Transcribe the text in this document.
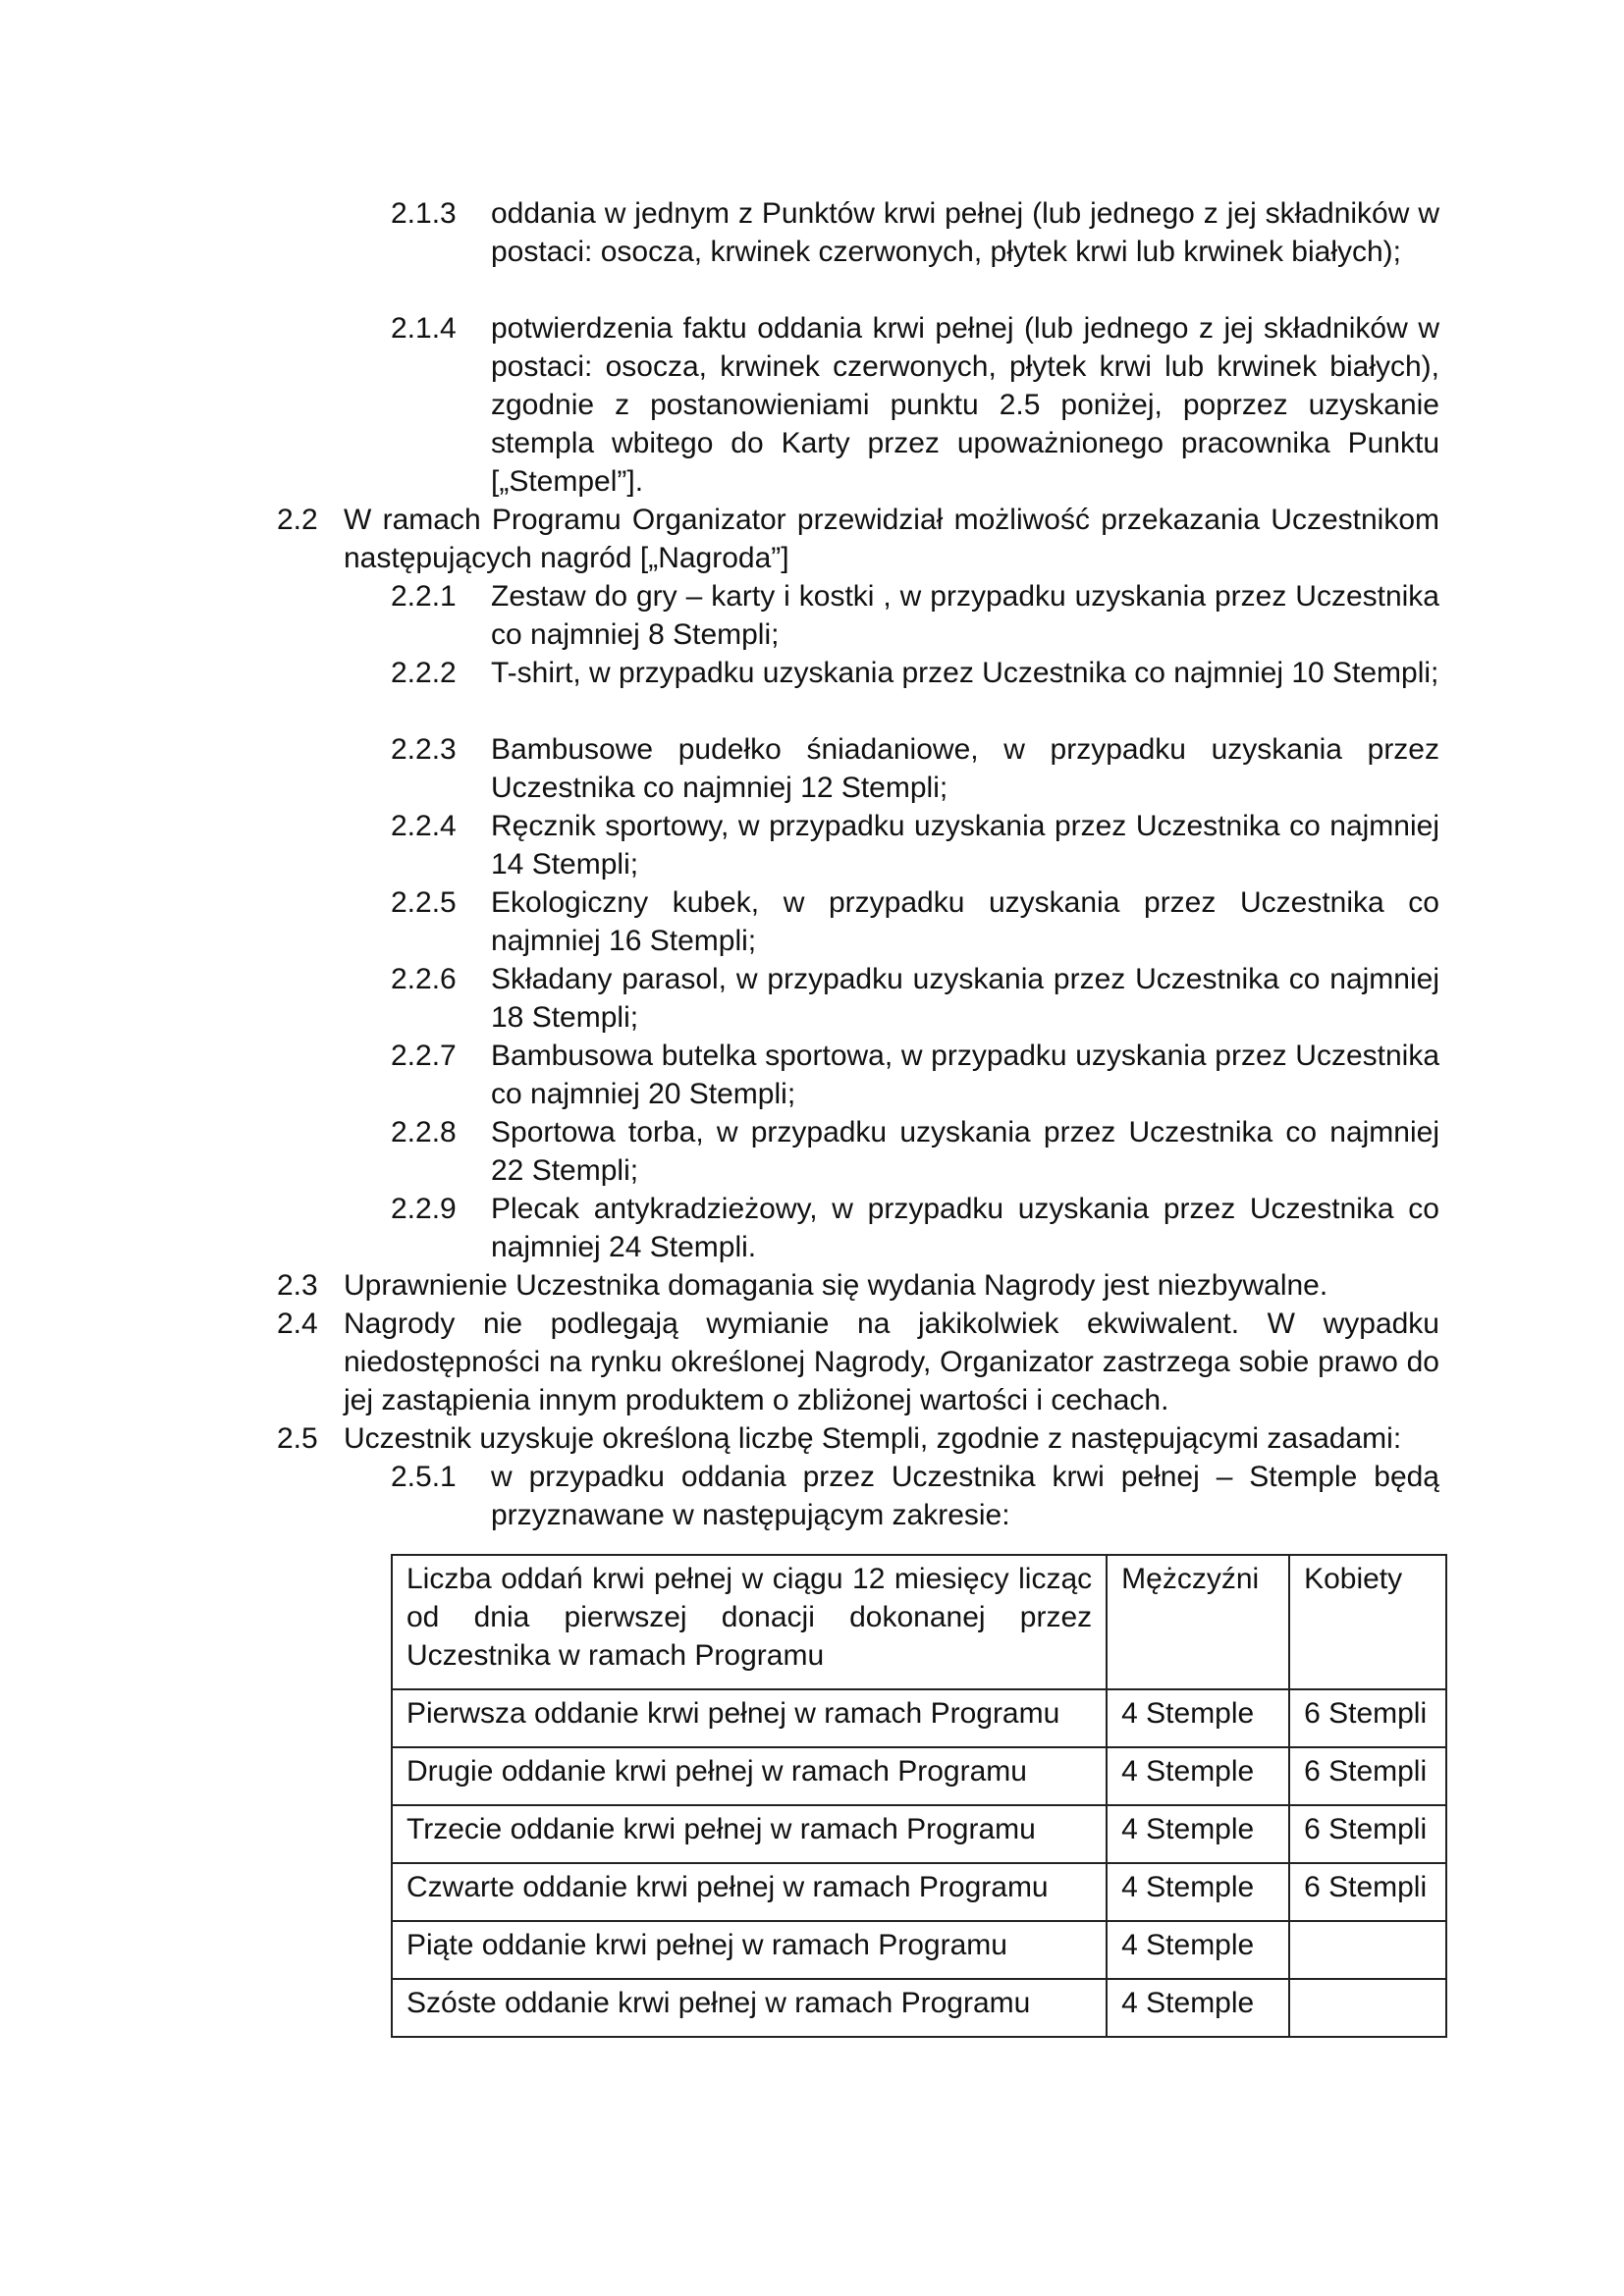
2.1.3	oddania w jednym z Punktów krwi pełnej (lub jednego z jej składników w postaci: osocza, krwinek czerwonych, płytek krwi lub krwinek białych);
2.1.4	potwierdzenia faktu oddania krwi pełnej (lub jednego z jej składników w postaci: osocza, krwinek czerwonych, płytek krwi lub krwinek białych), zgodnie z postanowieniami punktu 2.5 poniżej, poprzez uzyskanie stempla wbitego do Karty przez upoważnionego pracownika Punktu [„Stempel”].
2.2 W ramach Programu Organizator przewidział możliwość przekazania Uczestnikom następujących nagród [„Nagroda”]
2.2.1	Zestaw do gry – karty i kostki , w przypadku uzyskania przez Uczestnika co najmniej 8 Stempli;
2.2.2	T-shirt, w przypadku uzyskania przez Uczestnika co najmniej 10 Stempli;
2.2.3	Bambusowe pudełko śniadaniowe, w przypadku uzyskania przez Uczestnika co najmniej 12 Stempli;
2.2.4	Ręcznik sportowy, w przypadku uzyskania przez Uczestnika co najmniej 14 Stempli;
2.2.5	Ekologiczny kubek, w przypadku uzyskania przez Uczestnika co najmniej 16 Stempli;
2.2.6	Składany parasol, w przypadku uzyskania przez Uczestnika co najmniej 18 Stempli;
2.2.7	Bambusowa butelka sportowa, w przypadku uzyskania przez Uczestnika co najmniej 20 Stempli;
2.2.8	Sportowa torba, w przypadku uzyskania przez Uczestnika co najmniej 22 Stempli;
2.2.9	Plecak antykradzieżowy, w przypadku uzyskania przez Uczestnika co najmniej 24 Stempli.
2.3 Uprawnienie Uczestnika domagania się wydania Nagrody jest niezbywalne.
2.4 Nagrody nie podlegają wymianie na jakikolwiek ekwiwalent. W wypadku niedostępności na rynku określonej Nagrody, Organizator zastrzega sobie prawo do jej zastąpienia innym produktem o zbliżonej wartości i cechach.
2.5 Uczestnik uzyskuje określoną liczbę Stempli, zgodnie z następującymi zasadami:
2.5.1	w przypadku oddania przez Uczestnika krwi pełnej – Stemple będą przyznawane w następującym zakresie:
Liczba oddań krwi pełnej w ciągu 12 miesięcy licząc od dnia pierwszej donacji dokonanej przez Uczestnika w ramach Programu	Mężczyźni	Kobiety
Pierwsza oddanie krwi pełnej w ramach Programu	4 Stemple	6 Stempli
Drugie oddanie krwi pełnej w ramach Programu	4 Stemple	6 Stempli
Trzecie oddanie krwi pełnej w ramach Programu	4 Stemple	6 Stempli
Czwarte oddanie krwi pełnej w ramach Programu	4 Stemple	6 Stempli
Piąte oddanie krwi pełnej w ramach Programu	4 Stemple	
Szóste oddanie krwi pełnej w ramach Programu	4 Stemple	
